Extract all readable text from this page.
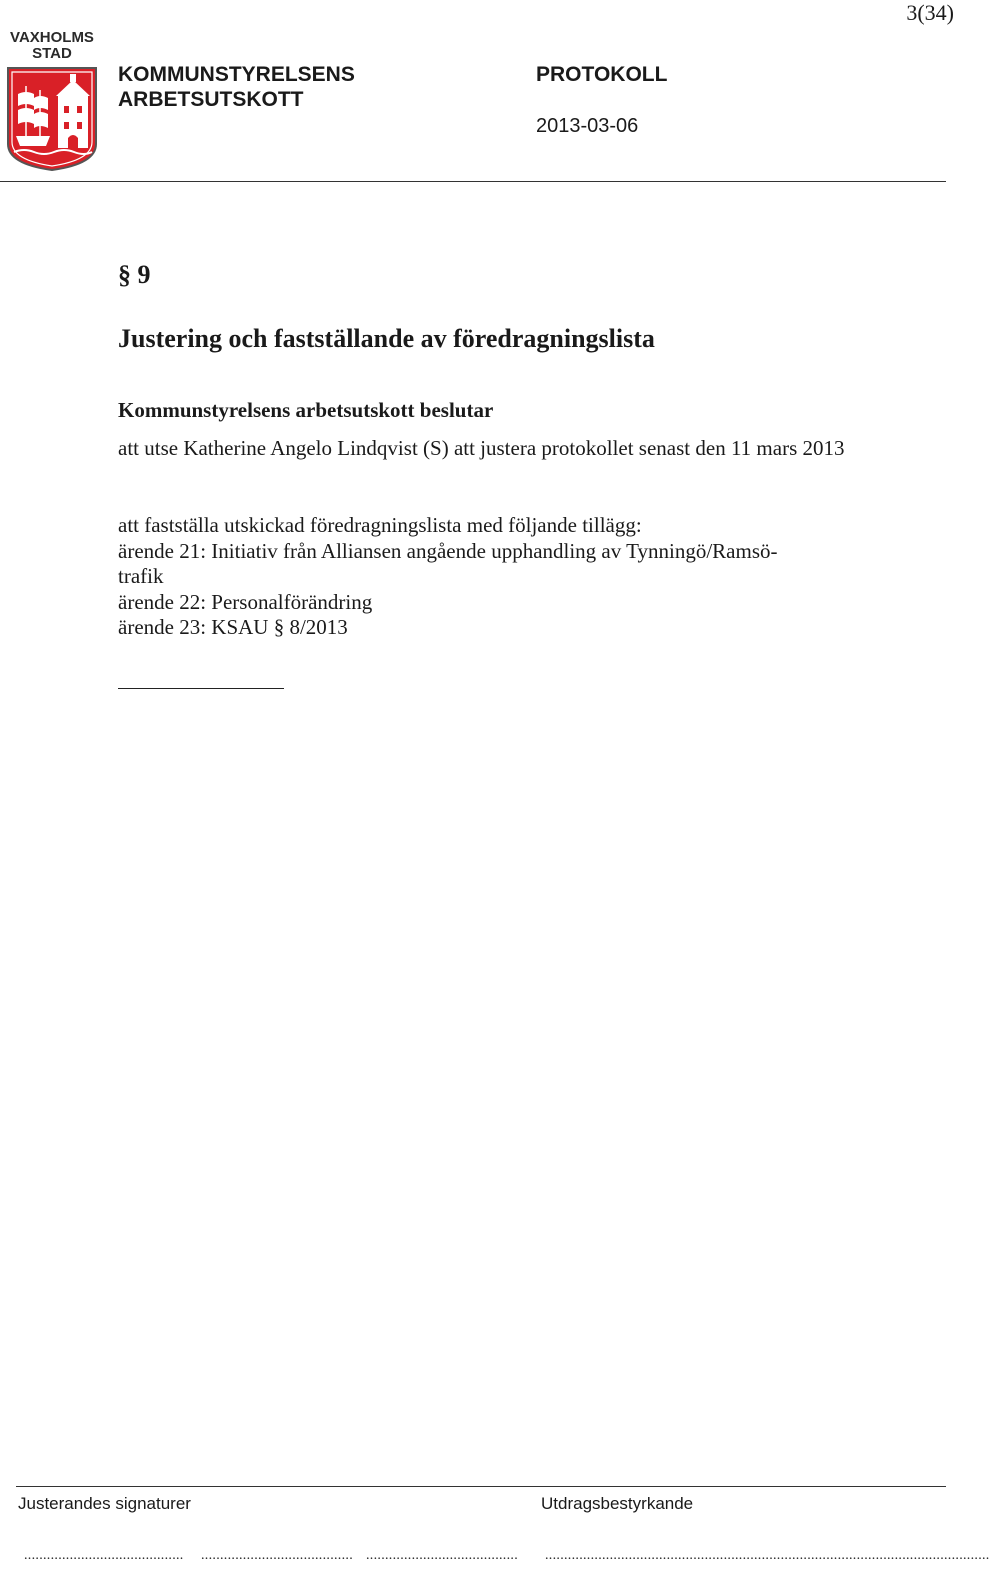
3(34)
VAXHOLMS
STAD
KOMMUNSTYRELSENS
ARBETSUTSKOTT
PROTOKOLL
2013-03-06
§ 9
Justering och fastställande av föredragningslista
Kommunstyrelsens arbetsutskott beslutar
att utse Katherine Angelo Lindqvist (S) att justera protokollet senast den 11 mars 2013
att fastställa utskickad föredragningslista med följande tillägg:
ärende 21: Initiativ från Alliansen angående upphandling av Tynningö/Ramsö-
trafik
ärende 22: Personalförändring
ärende 23: KSAU § 8/2013
Justerandes signaturer	Utdragsbestyrkande
.......................................... ........................................ ........................................ .....................................................................................................................
